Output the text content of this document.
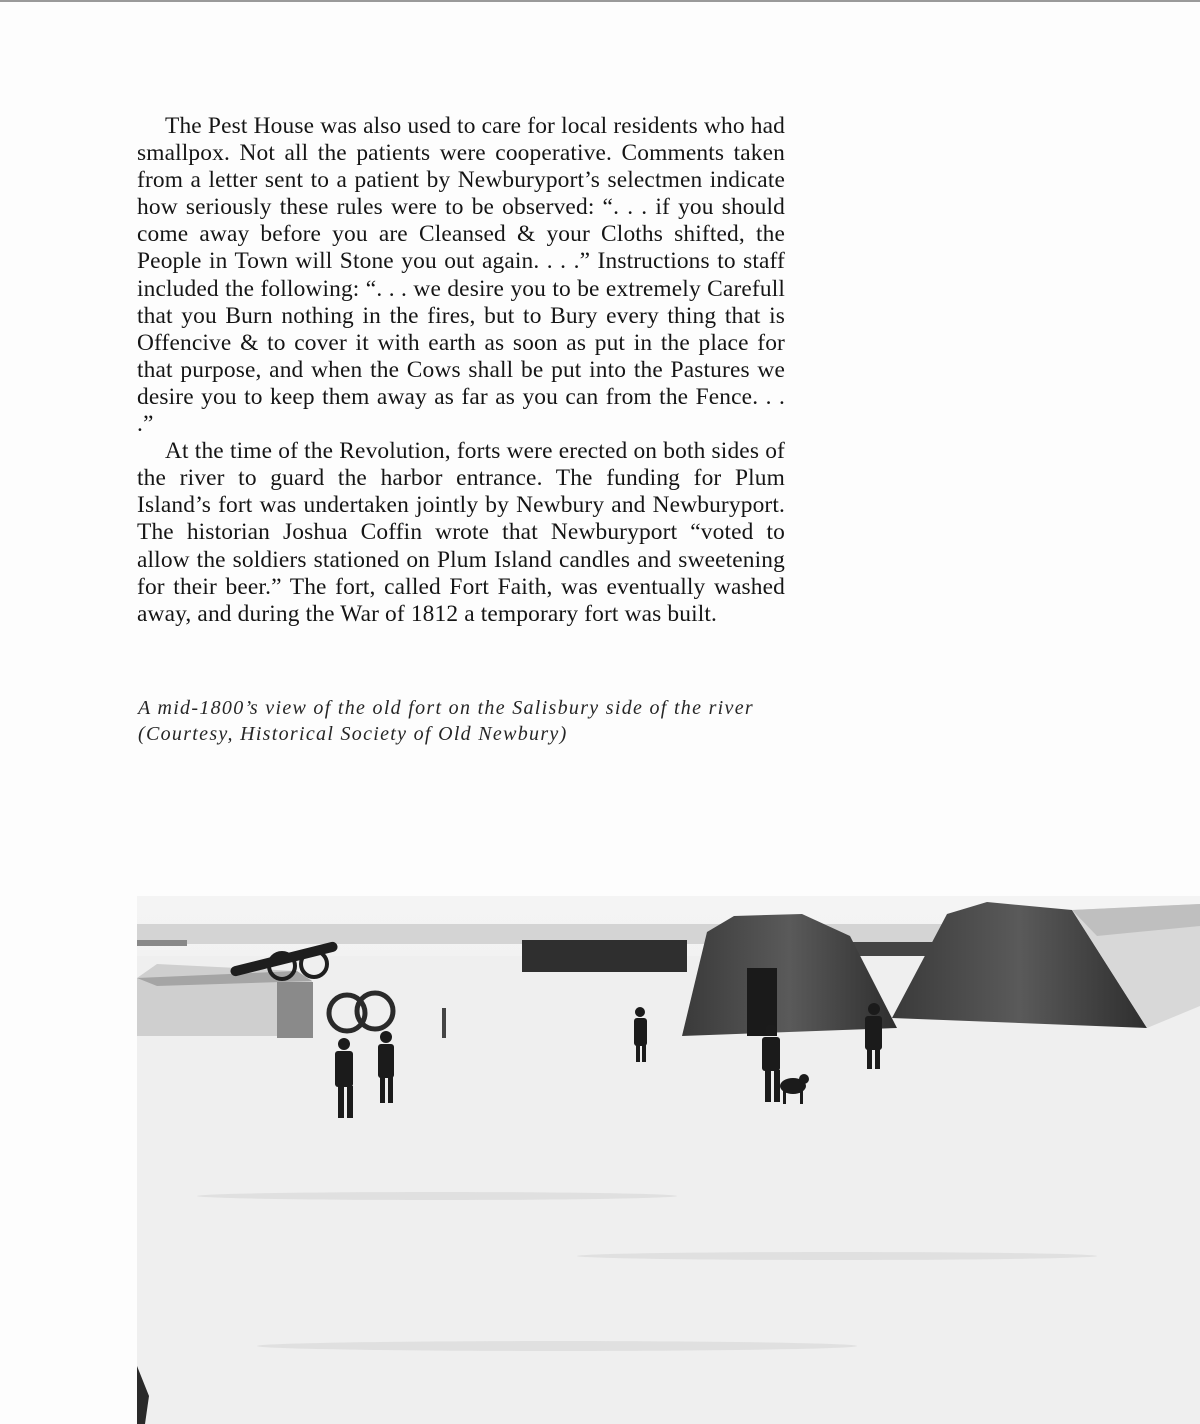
The Pest House was also used to care for local residents who had smallpox. Not all the patients were cooperative. Comments taken from a letter sent to a patient by Newburyport’s selectmen indicate how seriously these rules were to be observed: “. . . if you should come away before you are Cleansed & your Cloths shifted, the People in Town will Stone you out again. . . .” Instructions to staff included the following: “. . . we desire you to be extremely Carefull that you Burn nothing in the fires, but to Bury every thing that is Offencive & to cover it with earth as soon as put in the place for that purpose, and when the Cows shall be put into the Pastures we desire you to keep them away as far as you can from the Fence. . . .”

At the time of the Revolution, forts were erected on both sides of the river to guard the harbor entrance. The funding for Plum Island’s fort was undertaken jointly by Newbury and Newburyport. The historian Joshua Coffin wrote that Newburyport “voted to allow the soldiers stationed on Plum Island candles and sweetening for their beer.” The fort, called Fort Faith, was eventually washed away, and during the War of 1812 a temporary fort was built.

A mid-1800’s view of the old fort on the Salisbury side of the river (Courtesy, Historical Society of Old Newbury)
